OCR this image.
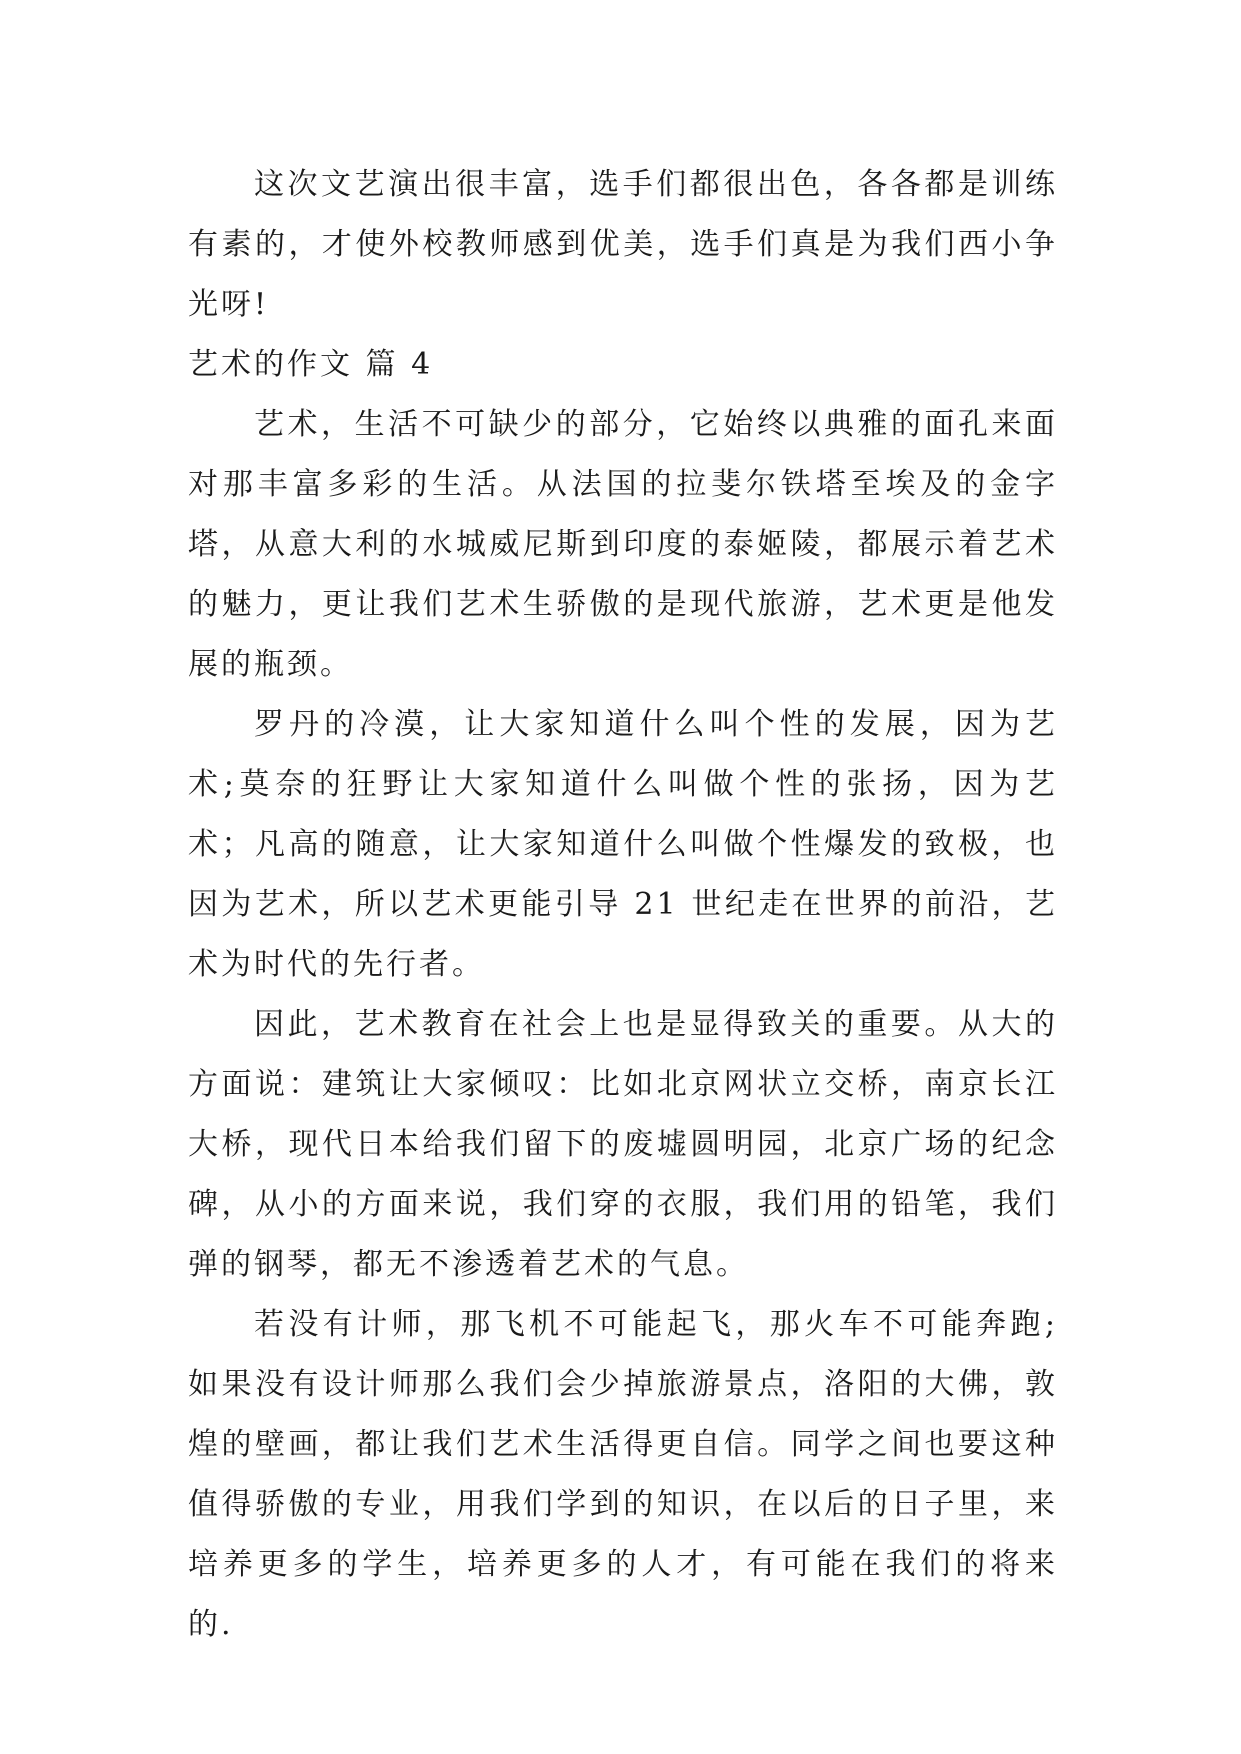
这次文艺演出很丰富，选手们都很出色，各各都是训练有素的，才使外校教师感到优美，选手们真是为我们西小争光呀!

艺术的作文 篇 4

艺术，生活不可缺少的部分，它始终以典雅的面孔来面对那丰富多彩的生活。从法国的拉斐尔铁塔至埃及的金字塔，从意大利的水城威尼斯到印度的泰姬陵，都展示着艺术的魅力，更让我们艺术生骄傲的是现代旅游，艺术更是他发展的瓶颈。

罗丹的冷漠，让大家知道什么叫个性的发展，因为艺术;莫奈的狂野让大家知道什么叫做个性的张扬，因为艺术；凡高的随意，让大家知道什么叫做个性爆发的致极，也因为艺术，所以艺术更能引导 21 世纪走在世界的前沿，艺术为时代的先行者。

因此，艺术教育在社会上也是显得致关的重要。从大的方面说：建筑让大家倾叹：比如北京网状立交桥，南京长江大桥，现代日本给我们留下的废墟圆明园，北京广场的纪念碑，从小的方面来说，我们穿的衣服，我们用的铅笔，我们弹的钢琴，都无不渗透着艺术的气息。

若没有计师，那飞机不可能起飞，那火车不可能奔跑;如果没有设计师那么我们会少掉旅游景点，洛阳的大佛，敦煌的壁画，都让我们艺术生活得更自信。同学之间也要这种值得骄傲的专业，用我们学到的知识，在以后的日子里，来培养更多的学生，培养更多的人才，有可能在我们的将来的.
